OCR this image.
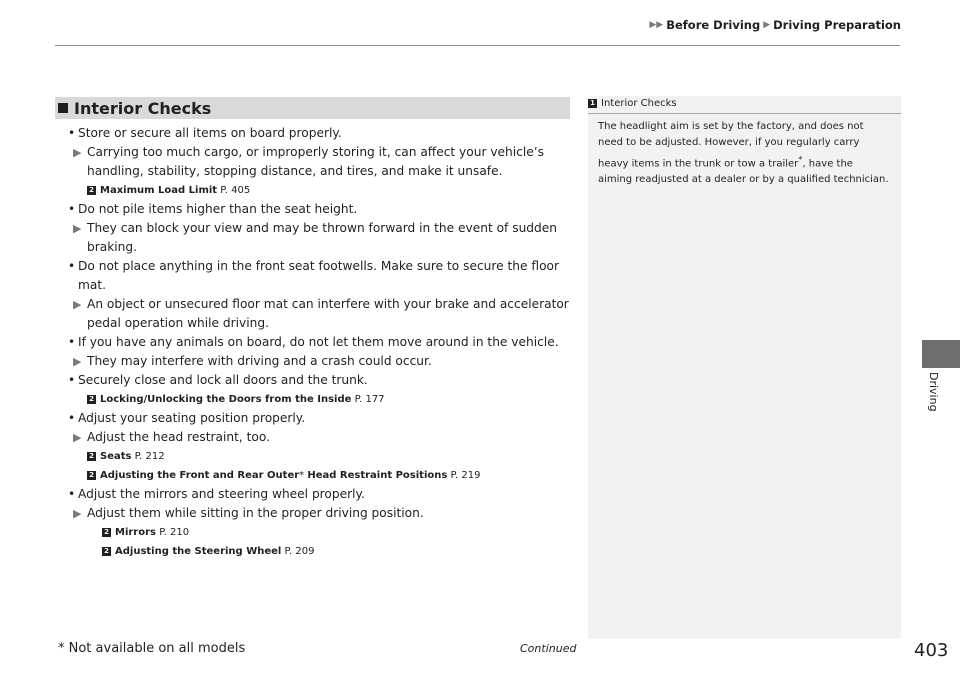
▶▶ Before Driving ▶ Driving Preparation
Interior Checks
• Store or secure all items on board properly.
▶ Carrying too much cargo, or improperly storing it, can affect your vehicle’s handling, stability, stopping distance, and tires, and make it unsafe.
2 Maximum Load Limit P. 405
• Do not pile items higher than the seat height.
▶ They can block your view and may be thrown forward in the event of sudden braking.
• Do not place anything in the front seat footwells. Make sure to secure the floor mat.
▶ An object or unsecured floor mat can interfere with your brake and accelerator pedal operation while driving.
• If you have any animals on board, do not let them move around in the vehicle.
▶ They may interfere with driving and a crash could occur.
• Securely close and lock all doors and the trunk.
2 Locking/Unlocking the Doors from the Inside P. 177
• Adjust your seating position properly.
▶ Adjust the head restraint, too.
2 Seats P. 212
2 Adjusting the Front and Rear Outer* Head Restraint Positions P. 219
• Adjust the mirrors and steering wheel properly.
▶ Adjust them while sitting in the proper driving position.
2 Mirrors P. 210
2 Adjusting the Steering Wheel P. 209
1 Interior Checks
The headlight aim is set by the factory, and does not need to be adjusted. However, if you regularly carry heavy items in the trunk or tow a trailer*, have the aiming readjusted at a dealer or by a qualified technician.
Driving
* Not available on all models	Continued	403
